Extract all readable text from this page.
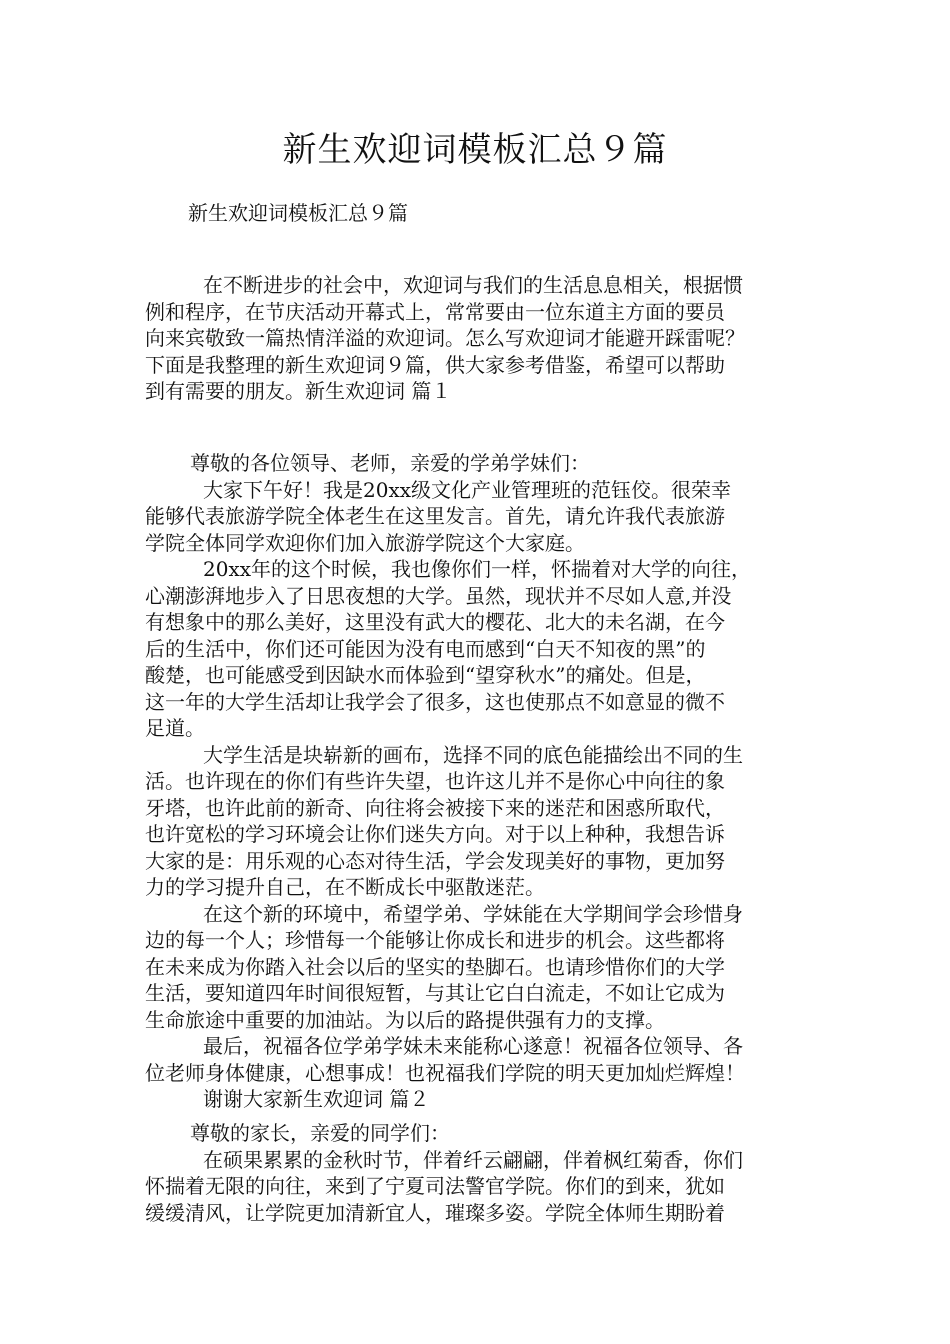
新生欢迎词模板汇总９篇
新生欢迎词模板汇总９篇
在不断进步的社会中，欢迎词与我们的生活息息相关，根据惯
例和程序，在节庆活动开幕式上，常常要由一位东道主方面的要员
向来宾敬致一篇热情洋溢的欢迎词。怎么写欢迎词才能避开踩雷呢？
下面是我整理的新生欢迎词９篇，供大家参考借鉴，希望可以帮助
到有需要的朋友。新生欢迎词 篇１
尊敬的各位领导、老师，亲爱的学弟学妹们：
大家下午好！我是20xx级文化产业管理班的范钰佼。很荣幸
能够代表旅游学院全体老生在这里发言。首先，请允许我代表旅游
学院全体同学欢迎你们加入旅游学院这个大家庭。
20xx年的这个时候，我也像你们一样，怀揣着对大学的向往，
心潮澎湃地步入了日思夜想的大学。虽然，现状并不尽如人意,并没
有想象中的那么美好，这里没有武大的樱花、北大的未名湖，在今
后的生活中，你们还可能因为没有电而感到“白天不知夜的黑”的
酸楚，也可能感受到因缺水而体验到“望穿秋水”的痛处。但是，
这一年的大学生活却让我学会了很多，这也使那点不如意显的微不
足道。
大学生活是块崭新的画布，选择不同的底色能描绘出不同的生
活。也许现在的你们有些许失望，也许这儿并不是你心中向往的象
牙塔，也许此前的新奇、向往将会被接下来的迷茫和困惑所取代，
也许宽松的学习环境会让你们迷失方向。对于以上种种，我想告诉
大家的是：用乐观的心态对待生活，学会发现美好的事物，更加努
力的学习提升自己，在不断成长中驱散迷茫。
在这个新的环境中，希望学弟、学妹能在大学期间学会珍惜身
边的每一个人；珍惜每一个能够让你成长和进步的机会。这些都将
在未来成为你踏入社会以后的坚实的垫脚石。也请珍惜你们的大学
生活，要知道四年时间很短暂，与其让它白白流走，不如让它成为
生命旅途中重要的加油站。为以后的路提供强有力的支撑。
最后，祝福各位学弟学妹未来能称心遂意！祝福各位领导、各
位老师身体健康，心想事成！也祝福我们学院的明天更加灿烂辉煌！
谢谢大家新生欢迎词 篇２
尊敬的家长，亲爱的同学们：
在硕果累累的金秋时节，伴着纤云翩翩，伴着枫红菊香，你们
怀揣着无限的向往，来到了宁夏司法警官学院。你们的到来，犹如
缓缓清风，让学院更加清新宜人，璀璨多姿。学院全体师生期盼着
